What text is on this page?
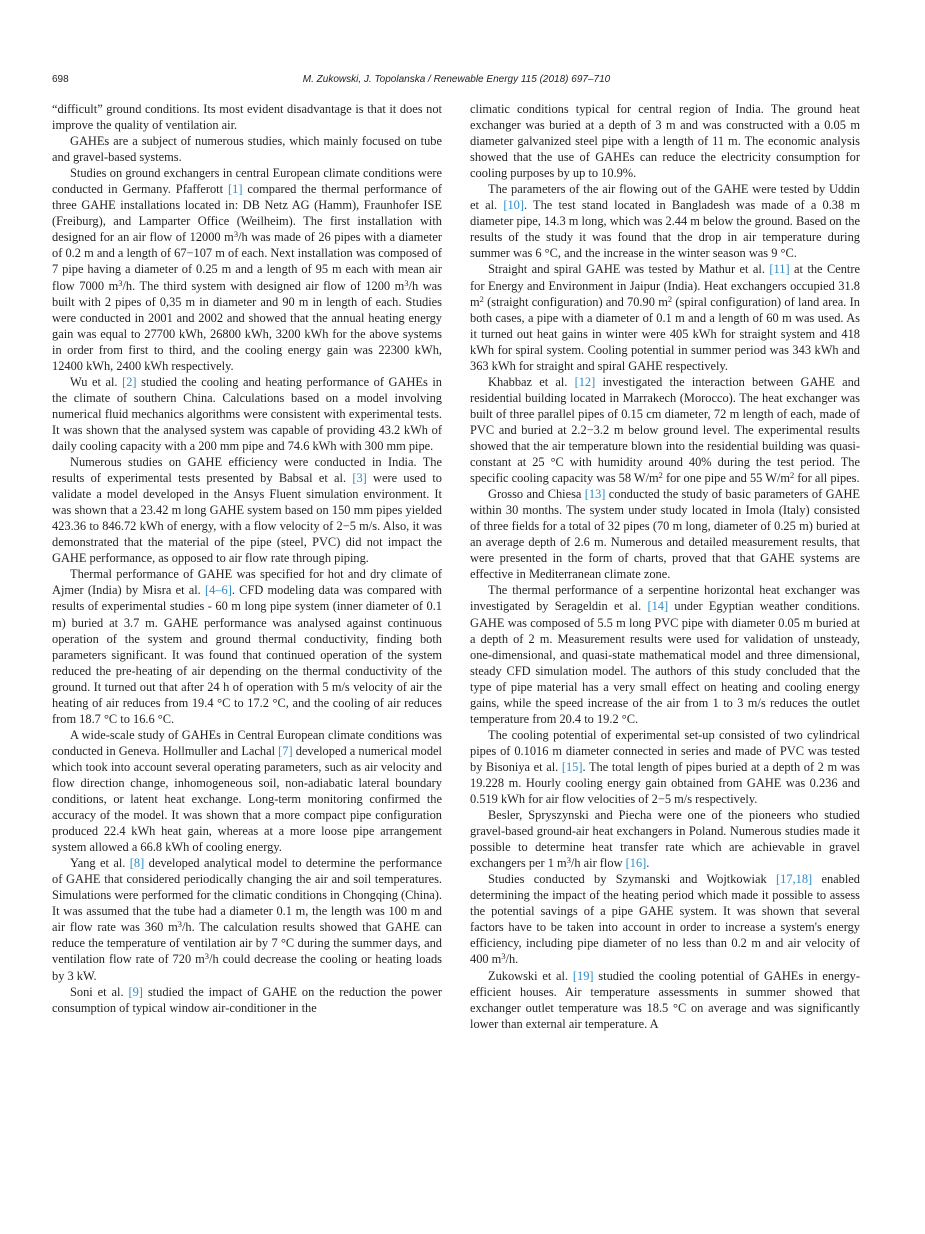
698	M. Zukowski, J. Topolanska / Renewable Energy 115 (2018) 697–710

“difficult” ground conditions. Its most evident disadvantage is that it does not improve the quality of ventilation air.

GAHEs are a subject of numerous studies, which mainly focused on tube and gravel-based systems.

Studies on ground exchangers in central European climate conditions were conducted in Germany. Pfafferott [1] compared the thermal performance of three GAHE installations located in: DB Netz AG (Hamm), Fraunhofer ISE (Freiburg), and Lamparter Office (Weilheim). The first installation with designed for an air flow of 12000 $m^3/h$ was made of 26 pipes with a diameter of 0.2 m and a length of 67−107 m of each. Next installation was composed of 7 pipe having a diameter of 0.25 m and a length of 95 m each with mean air flow 7000 $m^3/h$. The third system with designed air flow of 1200 $m^3/h$ was built with 2 pipes of 0,35 m in diameter and 90 m in length of each. Studies were conducted in 2001 and 2002 and showed that the annual heating energy gain was equal to 27700 kWh, 26800 kWh, 3200 kWh for the above systems in order from first to third, and the cooling energy gain was 22300 kWh, 12400 kWh, 2400 kWh respectively.

Wu et al. [2] studied the cooling and heating performance of GAHEs in the climate of southern China. Calculations based on a model involving numerical fluid mechanics algorithms were consistent with experimental tests. It was shown that the analysed system was capable of providing 43.2 kWh of daily cooling capacity with a 200 mm pipe and 74.6 kWh with 300 mm pipe.

Numerous studies on GAHE efficiency were conducted in India. The results of experimental tests presented by Babsal et al. [3] were used to validate a model developed in the Ansys Fluent simulation environment. It was shown that a 23.42 m long GAHE system based on 150 mm pipes yielded 423.36 to 846.72 kWh of energy, with a flow velocity of 2−5 m/s. Also, it was demonstrated that the material of the pipe (steel, PVC) did not impact the GAHE performance, as opposed to air flow rate through piping.

Thermal performance of GAHE was specified for hot and dry climate of Ajmer (India) by Misra et al. [4–6]. CFD modeling data was compared with results of experimental studies - 60 m long pipe system (inner diameter of 0.1 m) buried at 3.7 m. GAHE performance was analysed against continuous operation of the system and ground thermal conductivity, finding both parameters significant. It was found that continued operation of the system reduced the pre-heating of air depending on the thermal conductivity of the ground. It turned out that after 24 h of operation with 5 m/s velocity of air the heating of air reduces from 19.4 °C to 17.2 °C, and the cooling of air reduces from 18.7 °C to 16.6 °C.

A wide-scale study of GAHEs in Central European climate conditions was conducted in Geneva. Hollmuller and Lachal [7] developed a numerical model which took into account several operating parameters, such as air velocity and flow direction change, inhomogeneous soil, non-adiabatic lateral boundary conditions, or latent heat exchange. Long-term monitoring confirmed the accuracy of the model. It was shown that a more compact pipe configuration produced 22.4 kWh heat gain, whereas at a more loose pipe arrangement system allowed a 66.8 kWh of cooling energy.

Yang et al. [8] developed analytical model to determine the performance of GAHE that considered periodically changing the air and soil temperatures. Simulations were performed for the climatic conditions in Chongqing (China). It was assumed that the tube had a diameter 0.1 m, the length was 100 m and air flow rate was 360 $m^3/h$. The calculation results showed that GAHE can reduce the temperature of ventilation air by 7 °C during the summer days, and ventilation flow rate of 720 $m^3/h$ could decrease the cooling or heating loads by 3 kW.

Soni et al. [9] studied the impact of GAHE on the reduction the power consumption of typical window air-conditioner in the

climatic conditions typical for central region of India. The ground heat exchanger was buried at a depth of 3 m and was constructed with a 0.05 m diameter galvanized steel pipe with a length of 11 m. The economic analysis showed that the use of GAHEs can reduce the electricity consumption for cooling purposes by up to 10.9%.

The parameters of the air flowing out of the GAHE were tested by Uddin et al. [10]. The test stand located in Bangladesh was made of a 0.38 m diameter pipe, 14.3 m long, which was 2.44 m below the ground. Based on the results of the study it was found that the drop in air temperature during summer was 6 °C, and the increase in the winter season was 9 °C.

Straight and spiral GAHE was tested by Mathur et al. [11] at the Centre for Energy and Environment in Jaipur (India). Heat exchangers occupied 31.8 $m^2$ (straight configuration) and 70.90 $m^2$ (spiral configuration) of land area. In both cases, a pipe with a diameter of 0.1 m and a length of 60 m was used. As it turned out heat gains in winter were 405 kWh for straight system and 418 kWh for spiral system. Cooling potential in summer period was 343 kWh and 363 kWh for straight and spiral GAHE respectively.

Khabbaz et al. [12] investigated the interaction between GAHE and residential building located in Marrakech (Morocco). The heat exchanger was built of three parallel pipes of 0.15 cm diameter, 72 m length of each, made of PVC and buried at 2.2−3.2 m below ground level. The experimental results showed that the air temperature blown into the residential building was quasi-constant at 25 °C with humidity around 40% during the test period. The specific cooling capacity was 58 $W/m^2$ for one pipe and 55 $W/m^2$ for all pipes.

Grosso and Chiesa [13] conducted the study of basic parameters of GAHE within 30 months. The system under study located in Imola (Italy) consisted of three fields for a total of 32 pipes (70 m long, diameter of 0.25 m) buried at an average depth of 2.6 m. Numerous and detailed measurement results, that were presented in the form of charts, proved that that GAHE systems are effective in Mediterranean climate zone.

The thermal performance of a serpentine horizontal heat exchanger was investigated by Serageldin et al. [14] under Egyptian weather conditions. GAHE was composed of 5.5 m long PVC pipe with diameter 0.05 m buried at a depth of 2 m. Measurement results were used for validation of unsteady, one-dimensional, and quasi-state mathematical model and three dimensional, steady CFD simulation model. The authors of this study concluded that the type of pipe material has a very small effect on heating and cooling energy gains, while the speed increase of the air from 1 to 3 m/s reduces the outlet temperature from 20.4 to 19.2 °C.

The cooling potential of experimental set-up consisted of two cylindrical pipes of 0.1016 m diameter connected in series and made of PVC was tested by Bisoniya et al. [15]. The total length of pipes buried at a depth of 2 m was 19.228 m. Hourly cooling energy gain obtained from GAHE was 0.236 and 0.519 kWh for air flow velocities of 2−5 m/s respectively.

Besler, Spryszynski and Piecha were one of the pioneers who studied gravel-based ground-air heat exchangers in Poland. Numerous studies made it possible to determine heat transfer rate which are achievable in gravel exchangers per 1 $m^3/h$ air flow [16].

Studies conducted by Szymanski and Wojtkowiak [17,18] enabled determining the impact of the heating period which made it possible to assess the potential savings of a pipe GAHE system. It was shown that several factors have to be taken into account in order to increase a system's energy efficiency, including pipe diameter of no less than 0.2 m and air velocity of 400 $m^3/h$.

Zukowski et al. [19] studied the cooling potential of GAHEs in energy-efficient houses. Air temperature assessments in summer showed that exchanger outlet temperature was 18.5 °C on average and was significantly lower than external air temperature. A
